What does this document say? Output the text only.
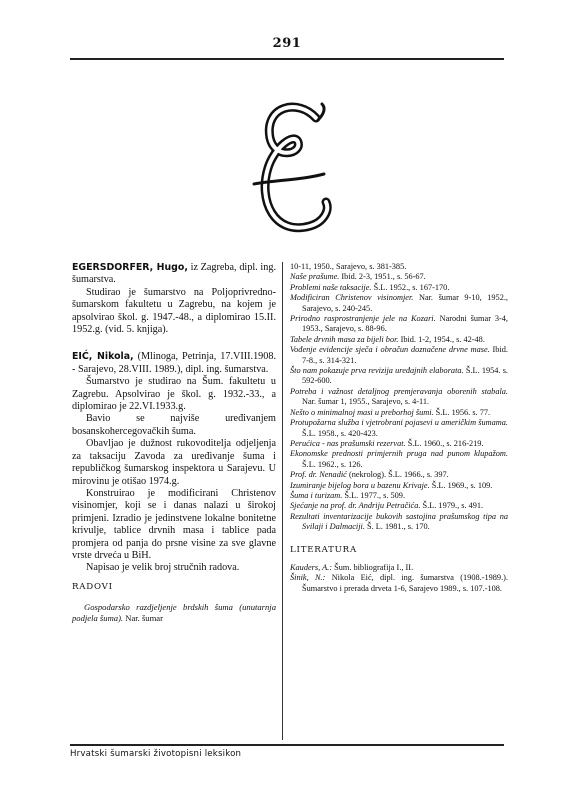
291

EGERSDORFER, Hugo, iz Zagreba, dipl. ing. šumarstva.
Studirao je šumarstvo na Poljoprivredno-šumarskom fakultetu u Zagrebu, na kojem je apsolvirao škol. g. 1947.-48., a diplomirao 15.II. 1952.g. (vid. 5. knjiga).

EIĆ, Nikola, (Mlinoga, Petrinja, 17.VIII.1908. - Sarajevo, 28.VIII. 1989.), dipl. ing. šumarstva.

Šumarstvo je studirao na Šum. fakultetu u Zagrebu. Apsolvirao je škol. g. 1932.-33., a diplomirao je 22.VI.1933.g.

Bavio se najviše uređivanjem bosanskohercegovačkih šuma.

Obavljao je dužnost rukovoditelja odjeljenja za taksaciju Zavoda za uređivanje šuma i republičkog šumarskog inspektora u Sarajevu. U mirovinu je otišao 1974.g.

Konstruirao je modificirani Christenov visinomjer, koji se i danas nalazi u širokoj primjeni. Izradio je jedinstvene lokalne bonitetne krivulje, tablice drvnih masa i tablice pada promjera od panja do prsne visine za sve glavne vrste drveća u BiH.

Napisao je velik broj stručnih radova.

RADOVI

Gospodarsko razdjeljenje brdskih šuma (unutarnja podjela šuma). Nar. šumar

10-11, 1950., Sarajevo, s. 381-385.

Naše prašume. Ibid. 2-3, 1951., s. 56-67.

Problemi naše taksacije. Š.L. 1952., s. 167-170.

Modificiran Christenov visinomjer. Nar. šumar 9-10, 1952., Sarajevo, s. 240-245.

Prirodno rasprostranjenje jele na Kozari. Narodni šumar 3-4, 1953., Sarajevo, s. 88-96.

Tabele drvnih masa za bijeli bor. Ibid. 1-2, 1954., s. 42-48.

Vođenje evidencije sječa i obračun doznačene drvne mase. Ibid. 7-8., s. 314-321.

Što nam pokazuje prva revizija uređajnih elaborata. Š.L. 1954. s. 592-600.

Potreba i važnost detaljnog premjeravanja oborenih stabala. Nar. šumar 1, 1955., Sarajevo, s. 4-11.

Nešto o minimalnoj masi u preborhoj šumi. Š.L. 1956. s. 77.

Protupožarna služba i vjetrobrani pojasevi u američkim šumama. Š.L. 1958., s. 420-423.

Perućica - nas prašumski rezervat. Š.L. 1960., s. 216-219.

Ekonomske prednosti primjernih pruga nad punom klupažom. Š.L. 1962., s. 126.

Prof. dr. Nenadić (nekrolog). Š.L. 1966., s. 397.

Izumiranje bijelog bora u bazenu Krivaje. Š.L. 1969., s. 109.

Šuma i turizam. Š.L. 1977., s. 509.

Sjećanje na prof. dr. Andriju Petračića. Š.L. 1979., s. 491.

Rezultati inventarizacije bukovih sastojina prašumskog tipa na Svilaji i Dalmaciji. Š. L. 1981., s. 170.

LITERATURA

Kauders, A.: Šum. bibliografija I., II.

Šinik, N.: Nikola Eić, dipl. ing. šumarstva (1908.-1989.). Šumarstvo i prerada drveta 1-6, Sarajevo 1989., s. 107.-108.

Hrvatski šumarski životopisni leksikon
